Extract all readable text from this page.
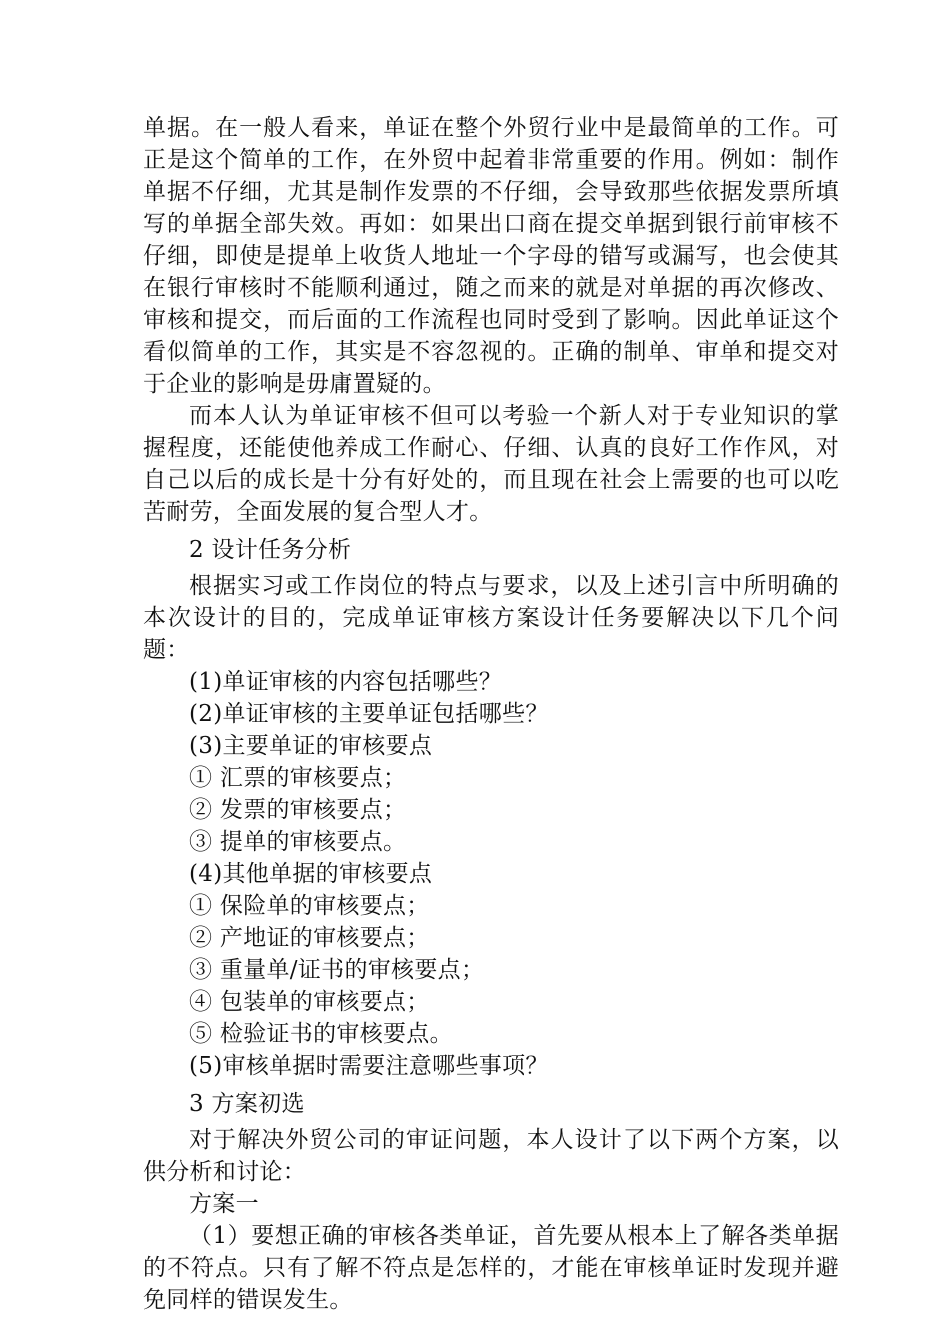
单据。在一般人看来，单证在整个外贸行业中是最简单的工作。可正是这个简单的工作，在外贸中起着非常重要的作用。例如：制作单据不仔细，尤其是制作发票的不仔细，会导致那些依据发票所填写的单据全部失效。再如：如果出口商在提交单据到银行前审核不仔细，即使是提单上收货人地址一个字母的错写或漏写，也会使其在银行审核时不能顺利通过，随之而来的就是对单据的再次修改、审核和提交，而后面的工作流程也同时受到了影响。因此单证这个看似简单的工作，其实是不容忽视的。正确的制单、审单和提交对于企业的影响是毋庸置疑的。

而本人认为单证审核不但可以考验一个新人对于专业知识的掌握程度，还能使他养成工作耐心、仔细、认真的良好工作作风，对自己以后的成长是十分有好处的，而且现在社会上需要的也可以吃苦耐劳，全面发展的复合型人才。

2 设计任务分析

根据实习或工作岗位的特点与要求，以及上述引言中所明确的本次设计的目的，完成单证审核方案设计任务要解决以下几个问题：

(1)单证审核的内容包括哪些？

(2)单证审核的主要单证包括哪些？

(3)主要单证的审核要点

① 汇票的审核要点；

② 发票的审核要点；

③ 提单的审核要点。

(4)其他单据的审核要点

① 保险单的审核要点；

② 产地证的审核要点；

③ 重量单/证书的审核要点；

④ 包装单的审核要点；

⑤ 检验证书的审核要点。

(5)审核单据时需要注意哪些事项？

3 方案初选

对于解决外贸公司的审证问题，本人设计了以下两个方案，以供分析和讨论：

方案一

（1）要想正确的审核各类单证，首先要从根本上了解各类单据的不符点。只有了解不符点是怎样的，才能在审核单证时发现并避免同样的错误发生。
